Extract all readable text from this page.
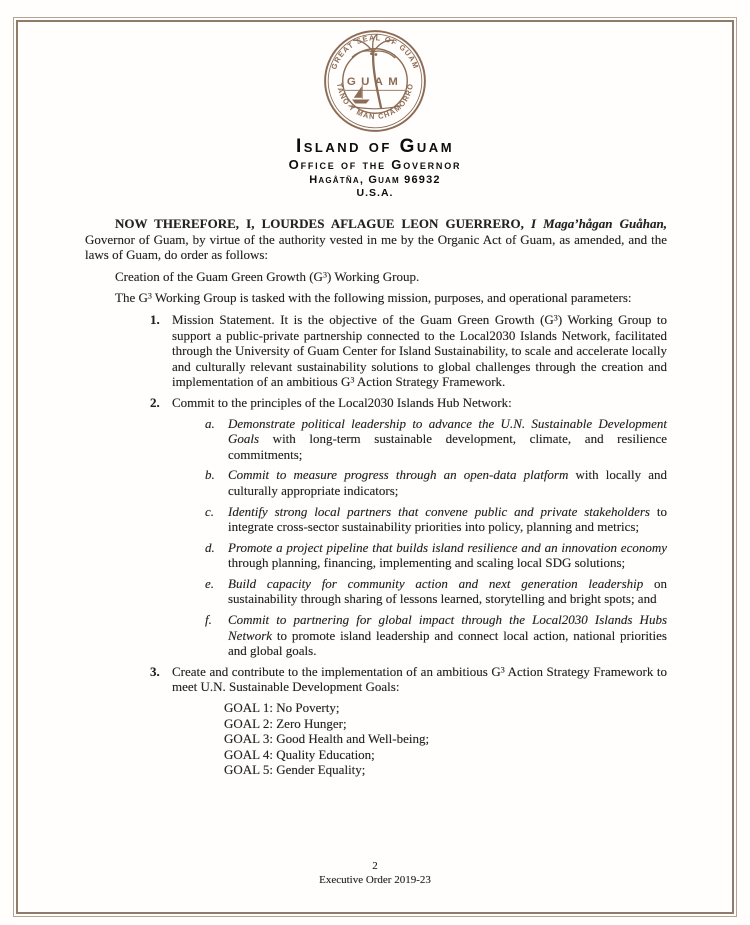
GREAT SEAL OF GUAM
TANO Y MAN CHAMORRO
GUAM
Island of Guam
Office of the Governor
Hagåtña, Guam 96932
U.S.A.

NOW THEREFORE, I, LOURDES AFLAGUE LEON GUERRERO, I Maga’hågan Guåhan, Governor of Guam, by virtue of the authority vested in me by the Organic Act of Guam, as amended, and the laws of Guam, do order as follows:

Creation of the Guam Green Growth $(G^3)$ Working Group.

The $G^3$ Working Group is tasked with the following mission, purposes, and operational parameters:

1. Mission Statement. It is the objective of the Guam Green Growth $(G^3)$ Working Group to support a public-private partnership connected to the Local2030 Islands Network, facilitated through the University of Guam Center for Island Sustainability, to scale and accelerate locally and culturally relevant sustainability solutions to global challenges through the creation and implementation of an ambitious $G^3$ Action Strategy Framework.
2. Commit to the principles of the Local2030 Islands Hub Network:
a.	Demonstrate political leadership to advance the U.N. Sustainable Development Goals with long-term sustainable development, climate, and resilience commitments;
b.	Commit to measure progress through an open-data platform with locally and culturally appropriate indicators;
c.	Identify strong local partners that convene public and private stakeholders to integrate cross-sector sustainability priorities into policy, planning and metrics;
d.	Promote a project pipeline that builds island resilience and an innovation economy through planning, financing, implementing and scaling local SDG solutions;
e.	Build capacity for community action and next generation leadership on sustainability through sharing of lessons learned, storytelling and bright spots; and
f.	Commit to partnering for global impact through the Local2030 Islands Hubs Network to promote island leadership and connect local action, national priorities and global goals.
3. Create and contribute to the implementation of an ambitious $G^3$ Action Strategy Framework to meet U.N. Sustainable Development Goals:
GOAL 1: No Poverty;
GOAL 2: Zero Hunger;
GOAL 3: Good Health and Well-being;
GOAL 4: Quality Education;
GOAL 5: Gender Equality;
2
Executive Order 2019-23
